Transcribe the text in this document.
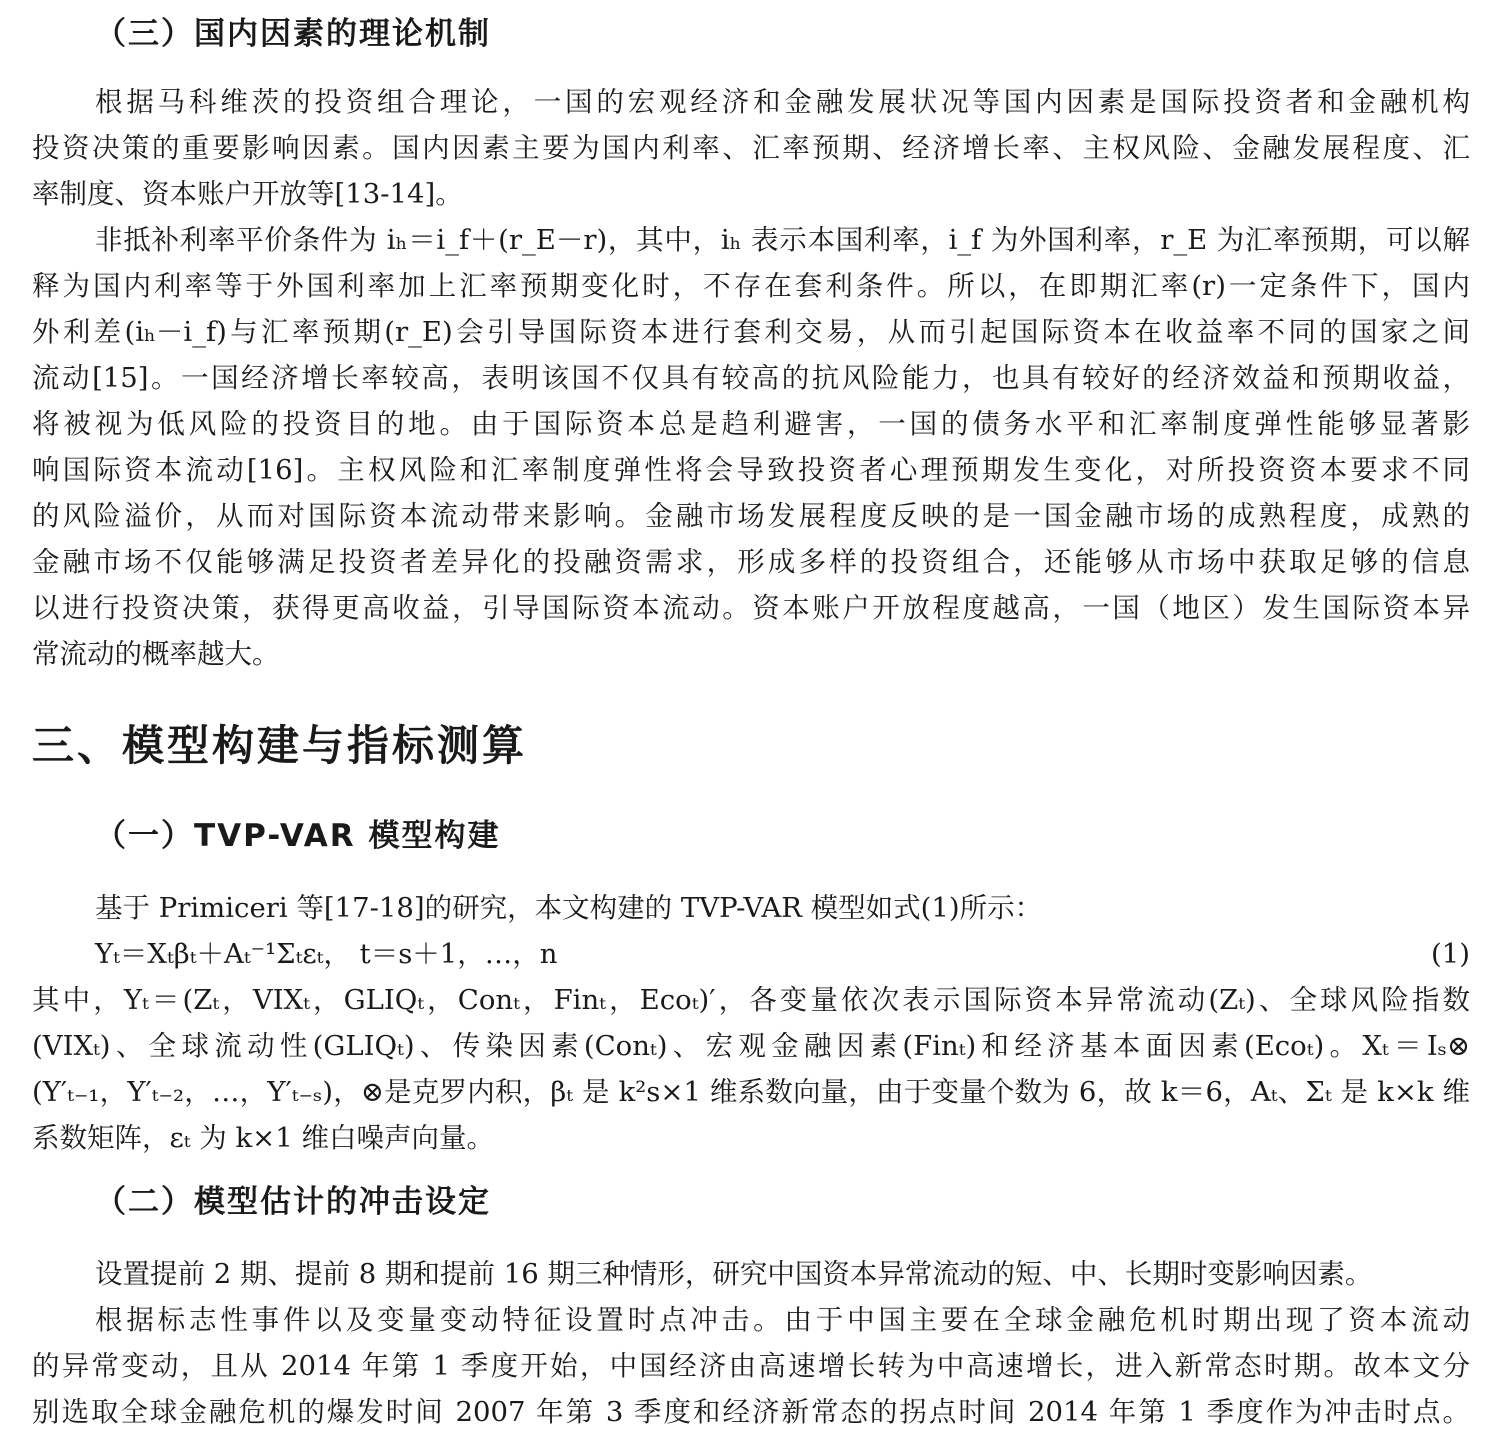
（三）国内因素的理论机制
根据马科维茨的投资组合理论，一国的宏观经济和金融发展状况等国内因素是国际投资者和金融机构
投资决策的重要影响因素。国内因素主要为国内利率、汇率预期、经济增长率、主权风险、金融发展程度、汇
率制度、资本账户开放等[13-14]。
非抵补利率平价条件为 iₕ＝i_f＋(r_E－r)，其中，iₕ 表示本国利率，i_f 为外国利率，r_E 为汇率预期，可以解
释为国内利率等于外国利率加上汇率预期变化时，不存在套利条件。所以，在即期汇率(r)一定条件下，国内
外利差(iₕ－i_f)与汇率预期(r_E)会引导国际资本进行套利交易，从而引起国际资本在收益率不同的国家之间
流动[15]。一国经济增长率较高，表明该国不仅具有较高的抗风险能力，也具有较好的经济效益和预期收益，
将被视为低风险的投资目的地。由于国际资本总是趋利避害，一国的债务水平和汇率制度弹性能够显著影
响国际资本流动[16]。主权风险和汇率制度弹性将会导致投资者心理预期发生变化，对所投资资本要求不同
的风险溢价，从而对国际资本流动带来影响。金融市场发展程度反映的是一国金融市场的成熟程度，成熟的
金融市场不仅能够满足投资者差异化的投融资需求，形成多样的投资组合，还能够从市场中获取足够的信息
以进行投资决策，获得更高收益，引导国际资本流动。资本账户开放程度越高，一国（地区）发生国际资本异
常流动的概率越大。
三、模型构建与指标测算
（一）TVP-VAR 模型构建
基于 Primiceri 等[17-18]的研究，本文构建的 TVP-VAR 模型如式(1)所示：
Yₜ＝Xₜβₜ＋Aₜ⁻¹Σₜεₜ， t＝s＋1，…，n	(1)
其中，Yₜ＝(Zₜ，VIXₜ，GLIQₜ，Conₜ，Finₜ，Ecoₜ)′，各变量依次表示国际资本异常流动(Zₜ)、全球风险指数
(VIXₜ)、全球流动性(GLIQₜ)、传染因素(Conₜ)、宏观金融因素(Finₜ)和经济基本面因素(Ecoₜ)。Xₜ＝Iₛ⊗
(Y′ₜ₋₁，Y′ₜ₋₂，…，Y′ₜ₋ₛ)，⊗是克罗内积，βₜ 是 k²s×1 维系数向量，由于变量个数为 6，故 k＝6，Aₜ、Σₜ 是 k×k 维
系数矩阵，εₜ 为 k×1 维白噪声向量。
（二）模型估计的冲击设定
设置提前 2 期、提前 8 期和提前 16 期三种情形，研究中国资本异常流动的短、中、长期时变影响因素。
根据标志性事件以及变量变动特征设置时点冲击。由于中国主要在全球金融危机时期出现了资本流动
的异常变动，且从 2014 年第 1 季度开始，中国经济由高速增长转为中高速增长，进入新常态时期。故本文分
别选取全球金融危机的爆发时间 2007 年第 3 季度和经济新常态的拐点时间 2014 年第 1 季度作为冲击时点。
